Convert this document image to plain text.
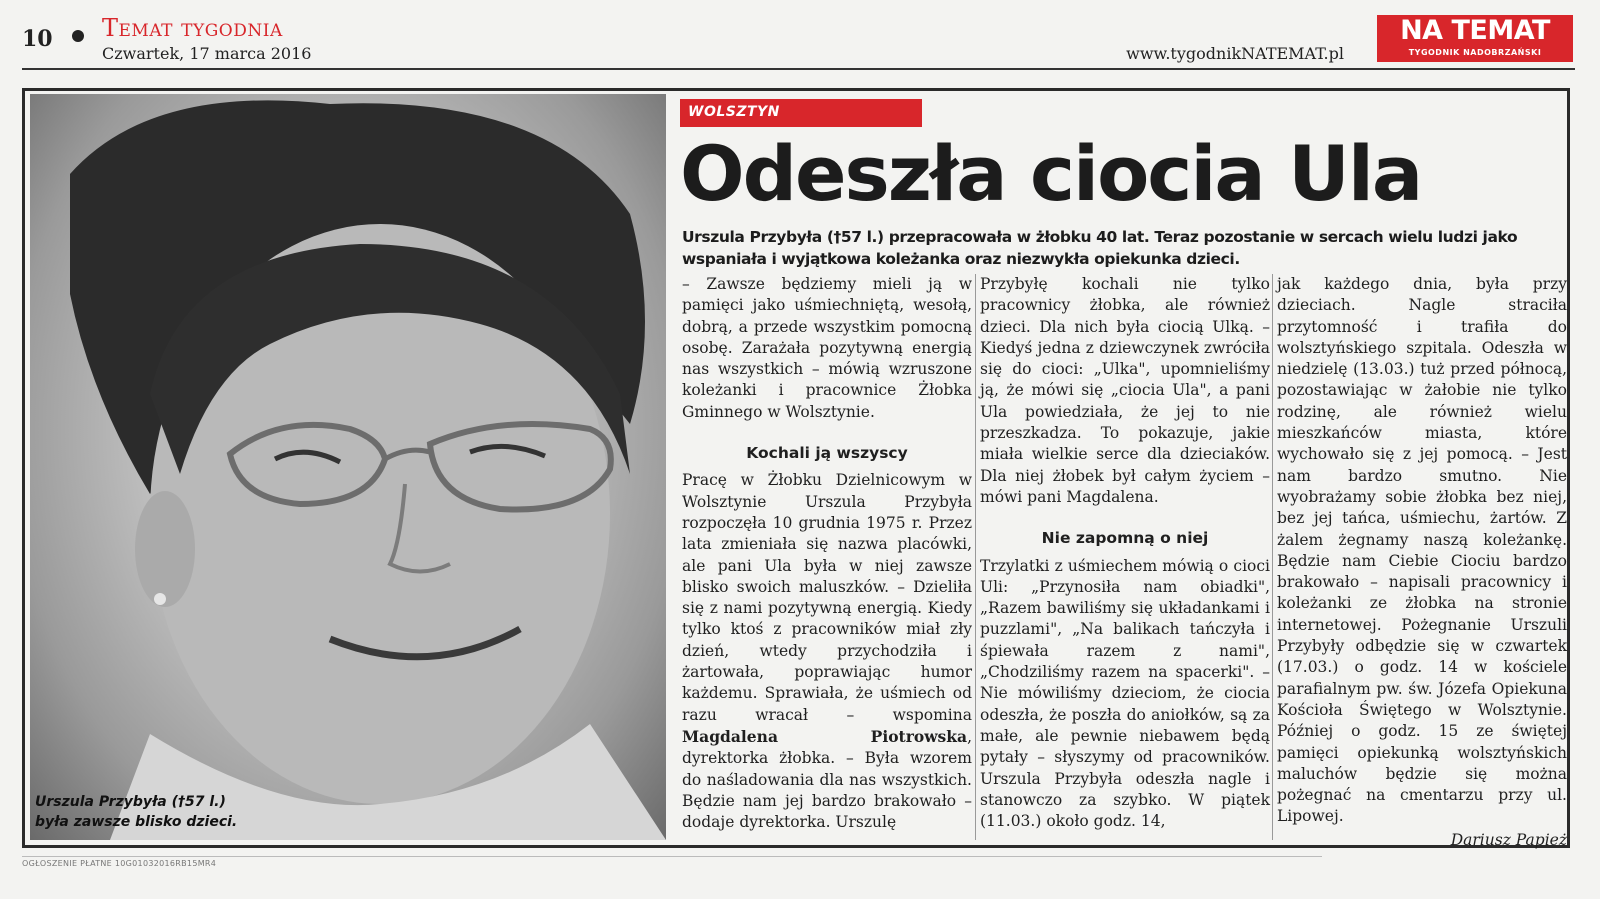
10 Temat tygodnia
Czwartek, 17 marca 2016	www.tygodnikNATEMAT.pl
NA TEMAT
TYGODNIK NADOBRZAŃSKI
Urszula Przybyła (†57 l.)
była zawsze blisko dzieci.
WOLSZTYN
Odeszła ciocia Ula
Urszula Przybyła (†57 l.) przepracowała w żłobku 40 lat. Teraz pozostanie w sercach wielu ludzi jako wspaniała i wyjątkowa koleżanka oraz niezwykła opiekunka dzieci.

– Zawsze będziemy mieli ją w pamięci jako uśmiechniętą, wesołą, dobrą, a przede wszystkim pomocną osobę. Zarażała pozytywną energią nas wszystkich – mówią wzruszone koleżanki i pracownice Żłobka Gminnego w Wolsztynie.

Kochali ją wszyscy

Pracę w Żłobku Dzielnicowym w Wolsztynie Urszula Przybyła rozpoczęła 10 grudnia 1975 r. Przez lata zmieniała się nazwa placówki, ale pani Ula była w niej zawsze blisko swoich maluszków. – Dzieliła się z nami pozytywną energią. Kiedy tylko ktoś z pracowników miał zły dzień, wtedy przychodziła i żartowała, poprawiając humor każdemu. Sprawiała, że uśmiech od razu wracał – wspomina Magdalena Piotrowska, dyrektorka żłobka. – Była wzorem do naśladowania dla nas wszystkich. Będzie nam jej bardzo brakowało – dodaje dyrektorka. Urszulę

Przybyłę kochali nie tylko pracownicy żłobka, ale również dzieci. Dla nich była ciocią Ulką. – Kiedyś jedna z dziewczynek zwróciła się do cioci: „Ulka", upomnieliśmy ją, że mówi się „ciocia Ula", a pani Ula powiedziała, że jej to nie przeszkadza. To pokazuje, jakie miała wielkie serce dla dzieciaków. Dla niej żłobek był całym życiem – mówi pani Magdalena.

Nie zapomną o niej

Trzylatki z uśmiechem mówią o cioci Uli: „Przynosiła nam obiadki", „Razem bawiliśmy się układankami i puzzlami", „Na balikach tańczyła i śpiewała razem z nami", „Chodziliśmy razem na spacerki". – Nie mówiliśmy dzieciom, że ciocia odeszła, że poszła do aniołków, są za małe, ale pewnie niebawem będą pytały – słyszymy od pracowników. Urszula Przybyła odeszła nagle i stanowczo za szybko. W piątek (11.03.) około godz. 14,

jak każdego dnia, była przy dzieciach. Nagle straciła przytomność i trafiła do wolsztyńskiego szpitala. Odeszła w niedzielę (13.03.) tuż przed północą, pozostawiając w żałobie nie tylko rodzinę, ale również wielu mieszkańców miasta, które wychowało się z jej pomocą. – Jest nam bardzo smutno. Nie wyobrażamy sobie żłobka bez niej, bez jej tańca, uśmiechu, żartów. Z żalem żegnamy naszą koleżankę. Będzie nam Ciebie Ciociu bardzo brakowało – napisali pracownicy i koleżanki ze żłobka na stronie internetowej. Pożegnanie Urszuli Przybyły odbędzie się w czwartek (17.03.) o godz. 14 w kościele parafialnym pw. św. Józefa Opiekuna Kościoła Świętego w Wolsztynie. Później o godz. 15 ze świętej pamięci opiekunką wolsztyńskich maluchów będzie się można pożegnać na cmentarzu przy ul. Lipowej.

Dariusz Papież

OGŁOSZENIE PŁATNE 10G01032016RB15MR4
